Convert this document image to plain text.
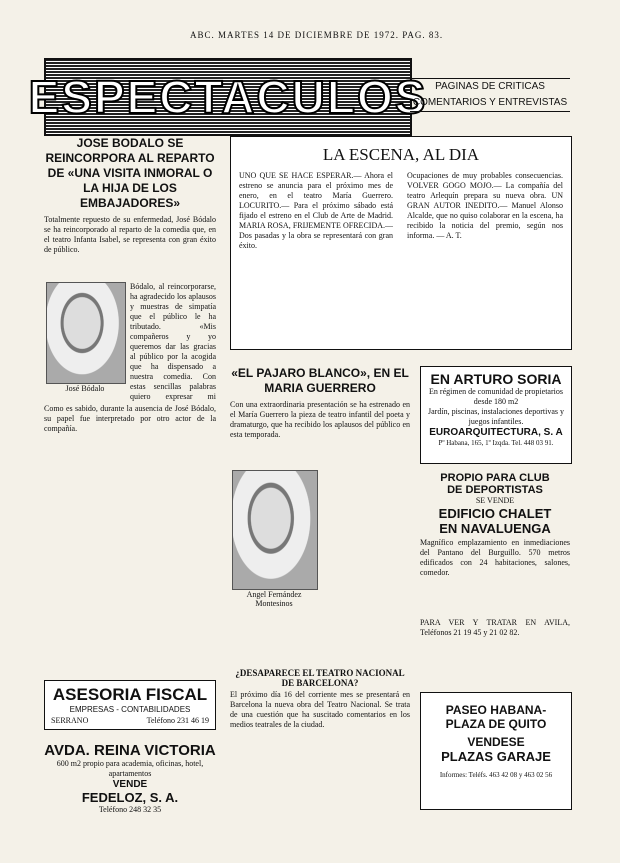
ABC. MARTES 14 DE DICIEMBRE DE 1972. PAG. 83.
ESPECTACULOS PAGINAS DE CRITICAS
COMENTARIOS Y ENTREVISTAS
JOSE BODALO SE REINCORPORA AL REPARTO DE «UNA VISITA INMORAL O LA HIJA DE LOS EMBAJADORES»
Totalmente repuesto de su enfermedad, José Bódalo se ha reincorporado al reparto de la comedia que, en el teatro Infanta Isabel, se representa con gran éxito de público.
José Bódalo
Bódalo, al reincorporarse, ha agradecido los aplausos y muestras de simpatía que el público le ha tributado. «Mis compañeros y yo queremos dar las gracias al público por la acogida que ha dispensado a nuestra comedia. Con estas sencillas palabras quiero expresar mi
Como es sabido, durante la ausencia de José Bódalo, su papel fue interpretado por otro actor de la compañía.
ASESORIA FISCAL
EMPRESAS - CONTABILIDADES
SERRANO	Teléfono 231 46 19
AVDA. REINA VICTORIA
600 m2 propio para academia, oficinas, hotel, apartamentos
VENDE
FEDELOZ, S. A.
Teléfono 248 32 35
LA ESCENA, AL DIA
UNO QUE SE HACE ESPERAR.— Ahora el estreno se anuncia para el próximo mes de enero, en el teatro María Guerrero. LOCURITO.— Para el próximo sábado está fijado el estreno en el Club de Arte de Madrid. MARIA ROSA, FRIJEMENTE OFRECIDA.— Dos pasadas y la obra se representará con gran éxito.
Ocupaciones de muy probables consecuencias. VOLVER GOGO MOJO.— La compañía del teatro Arlequín prepara su nueva obra. UN GRAN AUTOR INEDITO.— Manuel Alonso Alcalde, que no quiso colaborar en la escena, ha recibido la noticia del premio, según nos informa. — A. T.
«EL PAJARO BLANCO», EN EL MARIA GUERRERO
Con una extraordinaria presentación se ha estrenado en el María Guerrero la pieza de teatro infantil del poeta y dramaturgo, que ha recibido los aplausos del público en esta temporada.
Angel Fernández Montesinos

¿DESAPARECE EL TEATRO NACIONAL DE BARCELONA?
El próximo día 16 del corriente mes se presentará en Barcelona la nueva obra del Teatro Nacional. Se trata de una cuestión que ha suscitado comentarios en los medios teatrales de la ciudad.
EN ARTURO SORIA
En régimen de comunidad de propietarios
desde 180 m2
Jardín, piscinas, instalaciones deportivas y juegos infantiles.
EUROARQUITECTURA, S. A
Pº Habana, 165, 1º Izqda. Tel. 448 03 91.
PROPIO PARA CLUB
DE DEPORTISTAS
SE VENDE
EDIFICIO CHALET
EN NAVALUENGA
Magnífico emplazamiento en inmediaciones del Pantano del Burguillo. 570 metros edificados con 24 habitaciones, salones, comedor.
PARA VER Y TRATAR EN AVILA, Teléfonos 21 19 45 y 21 02 82.
PASEO HABANA-
PLAZA DE QUITO
VENDESE
PLAZAS GARAJE
Informes: Teléfs. 463 42 08 y 463 02 56
